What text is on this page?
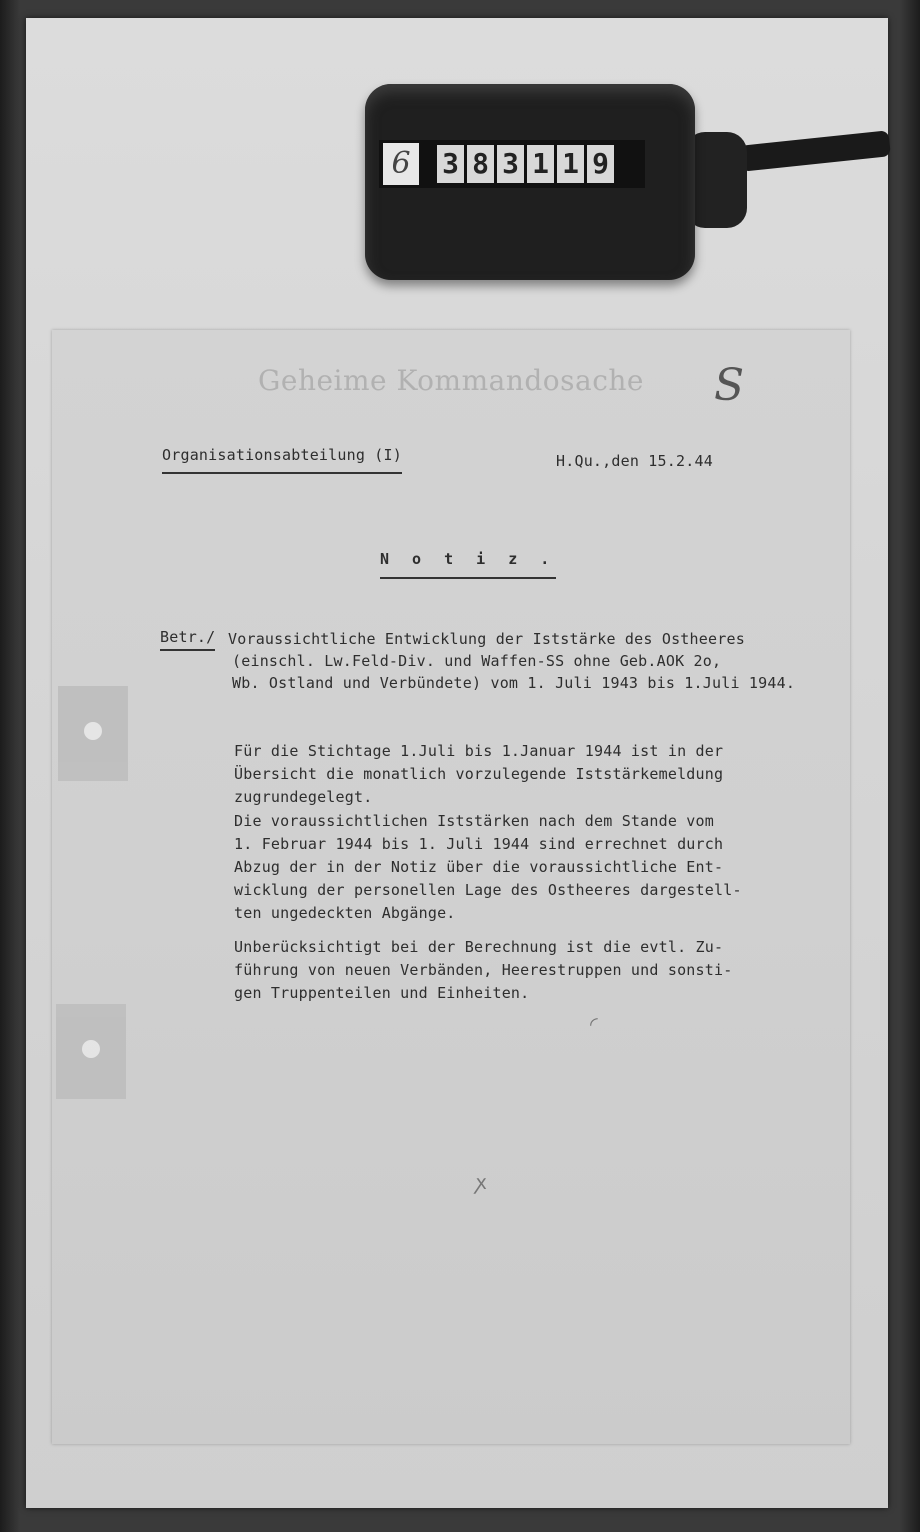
6	3 8 3 1 1 9
Geheime Kommandosache S
Organisationsabteilung (I)	H.Qu.,den 15.2.44
N o t i z .
Betr./ Voraussichtliche Entwicklung der Iststärke des Ostheeres
(einschl. Lw.Feld-Div. und Waffen-SS ohne Geb.AOK 2o,
Wb. Ostland und Verbündete) vom 1. Juli 1943 bis 1.Juli 1944.
Für die Stichtage 1.Juli bis 1.Januar 1944 ist in der
Übersicht die monatlich vorzulegende Iststärkemeldung
zugrundegelegt.
Die voraussichtlichen Iststärken nach dem Stande vom
1. Februar 1944 bis 1. Juli 1944 sind errechnet durch
Abzug der in der Notiz über die voraussichtliche Ent-
wicklung der personellen Lage des Ostheeres dargestell-
ten ungedeckten Abgänge.
Unberücksichtigt bei der Berechnung ist die evtl. Zu-
führung von neuen Verbänden, Heerestruppen und sonsti-
gen Truppenteilen und Einheiten.
◜
ꭗ
